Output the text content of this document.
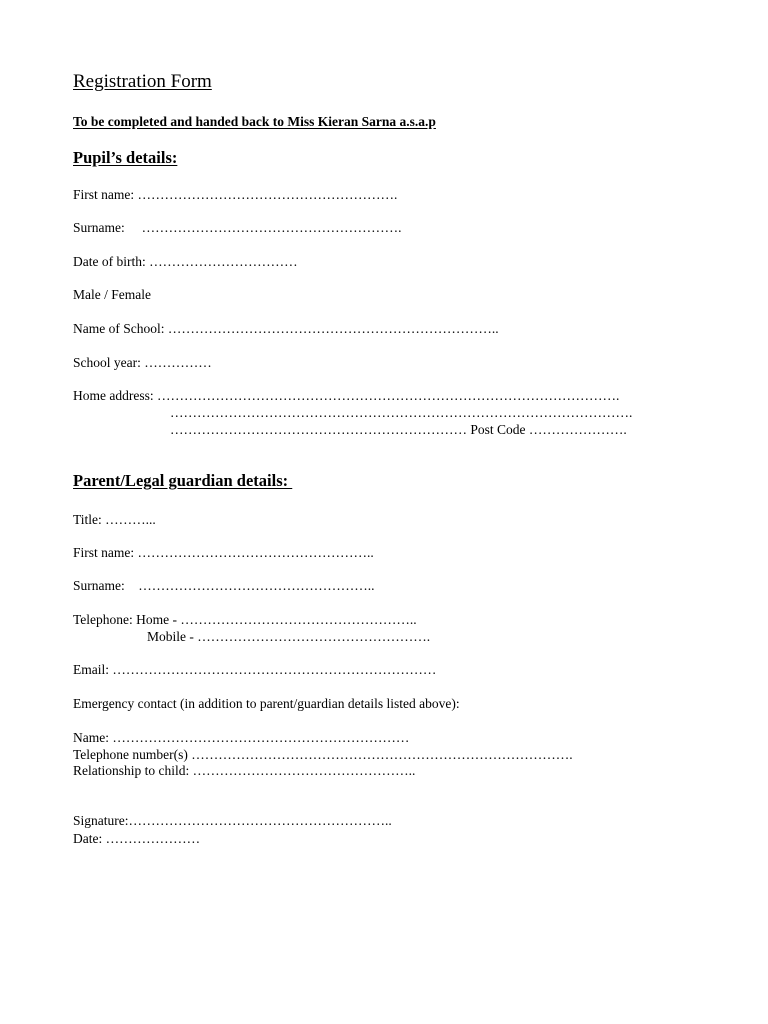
Registration Form
To be completed and handed back to Miss Kieran Sarna a.s.a.p
Pupil’s details:
First name: ………………………………………………….
Surname:     ………………………………………………….
Date of birth: ……………………………
Male / Female
Name of School: ………………………………………………………………..
School year: ……………
Home address: ………………………………………………………………………………………….
………………………………………………………………………………………….
………………………………………………………… Post Code ………………….
Parent/Legal guardian details:
Title: ………...
First name: ……………………………………………..
Surname:    ……………………………………………..
Telephone: Home - ……………………………………………..
Mobile - …………………………………………….
Email: ………………………………………………………………
Emergency contact (in addition to parent/guardian details listed above):
Name: …………………………………………………………
Telephone number(s) ………………………………………………………………………….
Relationship to child: …………………………………………..
Signature:…………………………………………………..
Date: …………………
